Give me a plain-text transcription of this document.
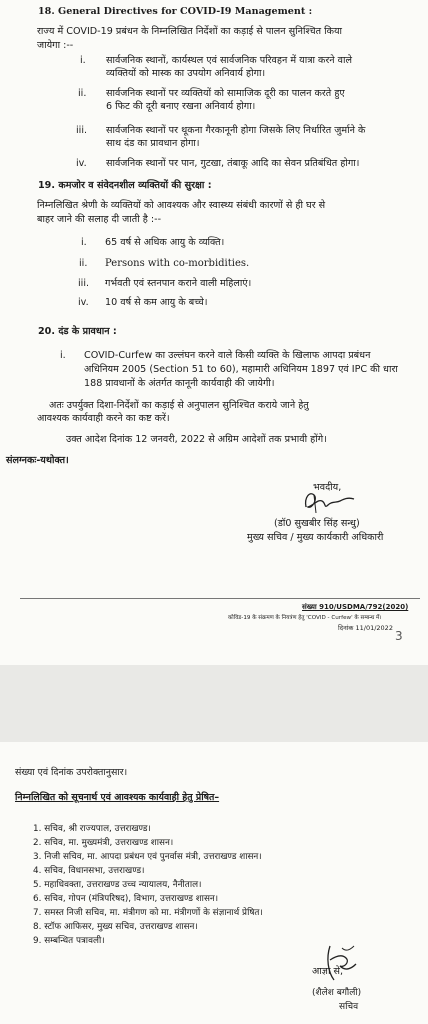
18. General Directives for COVID-I9 Management :
राज्य में COVID-19 प्रबंधन के निम्नलिखित निर्देशों का कड़ाई से पालन सुनिश्चित किया
जायेगा :--
i. सार्वजनिक स्थानों, कार्यस्थल एवं सार्वजनिक परिवहन में यात्रा करने वाले
व्यक्तियों को मास्क का उपयोग अनिवार्य होगा।
ii. सार्वजनिक स्थानों पर व्यक्तियों को सामाजिक दूरी का पालन करते हुए
6 फिट की दूरी बनाए रखना अनिवार्य होगा।
iii. सार्वजनिक स्थानों पर थूकना गैरकानूनी होगा जिसके लिए निर्धारित जुर्माने के
साथ दंड का प्रावधान होगा।
iv. सार्वजनिक स्थानों पर पान, गुटखा, तंबाकू आदि का सेवन प्रतिबंधित होगा।
19. कमजोर व संवेदनशील व्यक्तियों की सुरक्षा :
निम्नलिखित श्रेणी के व्यक्तियों को आवश्यक और स्वास्थ्य संबंधी कारणों से ही घर से
बाहर जाने की सलाह दी जाती है :--
i. 65 वर्ष से अधिक आयु के व्यक्ति।
ii. Persons with co-morbidities.
iii. गर्भवती एवं स्तनपान कराने वाली महिलाएं।
iv. 10 वर्ष से कम आयु के बच्चे।
20. दंड के प्रावधान :
i. COVID-Curfew का उल्लंघन करने वाले किसी व्यक्ति के खिलाफ आपदा प्रबंधन
अधिनियम 2005 (Section 51 to 60), महामारी अधिनियम 1897 एवं IPC की धारा
188 प्रावधानों के अंतर्गत कानूनी कार्यवाही की जायेगी।
अतः उपर्युक्त दिशा-निर्देशों का कड़ाई से अनुपालन सुनिश्चित कराये जाने हेतु
आवश्यक कार्यवाही करने का कष्ट करें।
उक्त आदेश दिनांक 12 जनवरी, 2022 से अग्रिम आदेशों तक प्रभावी होंगे।
संलग्नकः-यथोक्त।
भवदीय,
(डॉ0 सुखबीर सिंह सन्धु)
मुख्य सचिव / मुख्य कार्यकारी अधिकारी
संख्या 910/USDMA/792(2020)
कोविड-19 के संक्रमण के नियत्रंण हेतु 'COVID - Curfew' के सम्बन्ध में।
दिनांक 11/01/2022
3
संख्या एवं दिनांक उपरोक्तानुसार।
निम्नलिखित को सूचनार्थ एवं आवश्यक कार्यवाही हेतु प्रेषित–
1. सचिव, श्री राज्यपाल, उत्तराखण्ड।
2. सचिव, मा. मुख्यमंत्री, उत्तराखण्ड शासन।
3. निजी सचिव, मा. आपदा प्रबंधन एवं पुनर्वास मंत्री, उत्तराखण्ड शासन।
4. सचिव, विधानसभा, उत्तराखण्ड।
5. महाधिवक्ता, उत्तराखण्ड उच्च न्यायालय, नैनीताल।
6. सचिव, गोपन (मंत्रिपरिषद), विभाग, उत्तराखण्ड शासन।
7. समस्त निजी सचिव, मा. मंत्रीगण को मा. मंत्रीगणों के संज्ञानार्थ प्रेषित।
8. स्टॉफ आफिसर, मुख्य सचिव, उत्तराखण्ड शासन।
9. सम्बन्धित पत्रावली।
आज्ञा से,
(शैलेश बगौली)
सचिव
